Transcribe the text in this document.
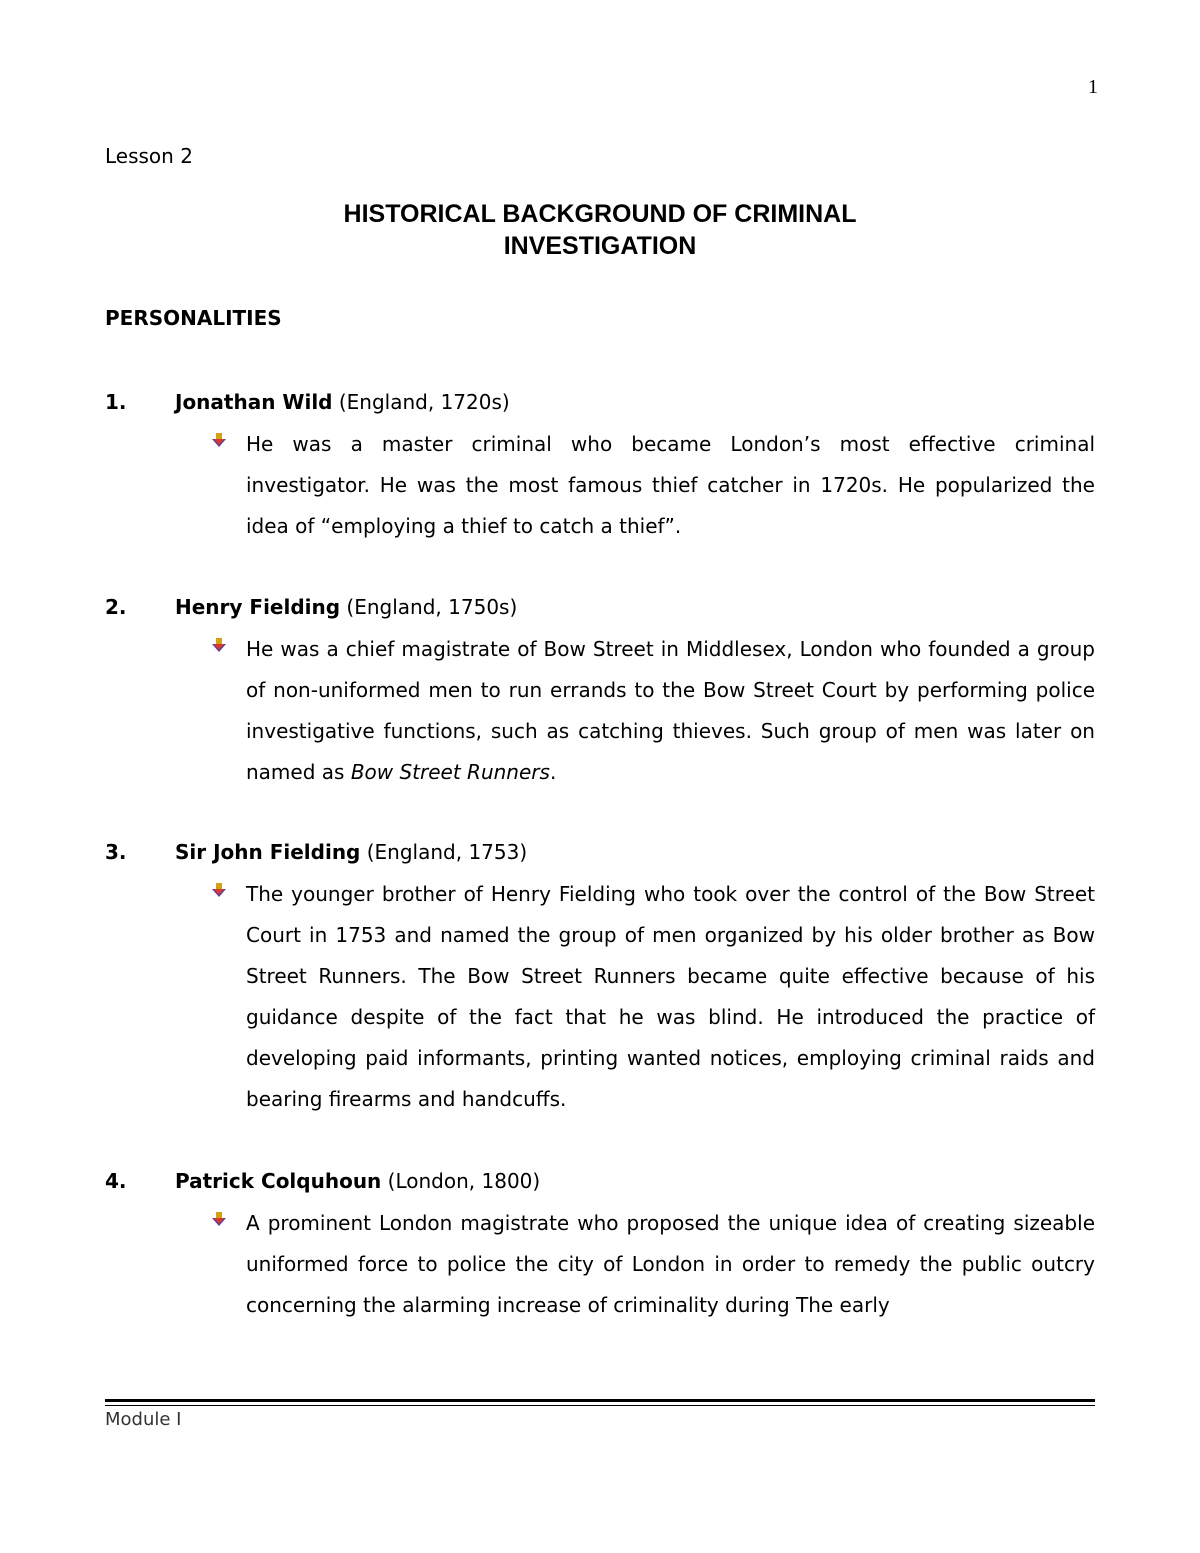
1
Lesson 2
HISTORICAL BACKGROUND OF CRIMINAL
INVESTIGATION
PERSONALITIES
1. Jonathan Wild (England, 1720s)
He was a master criminal who became London’s most effective criminal investigator. He was the most famous thief catcher in 1720s. He popularized the idea of “employing a thief to catch a thief”.
2. Henry Fielding (England, 1750s)
He was a chief magistrate of Bow Street in Middlesex, London who founded a group of non-uniformed men to run errands to the Bow Street Court by performing police investigative functions, such as catching thieves. Such group of men was later on named as Bow Street Runners.
3. Sir John Fielding (England, 1753)
The younger brother of Henry Fielding who took over the control of the Bow Street Court in 1753 and named the group of men organized by his older brother as Bow Street Runners. The Bow Street Runners became quite effective because of his guidance despite of the fact that he was blind. He introduced the practice of developing paid informants, printing wanted notices, employing criminal raids and bearing firearms and handcuffs.
4. Patrick Colquhoun (London, 1800)
A prominent London magistrate who proposed the unique idea of creating sizeable uniformed force to police the city of London in order to remedy the public outcry concerning the alarming increase of criminality during The early
Module I
